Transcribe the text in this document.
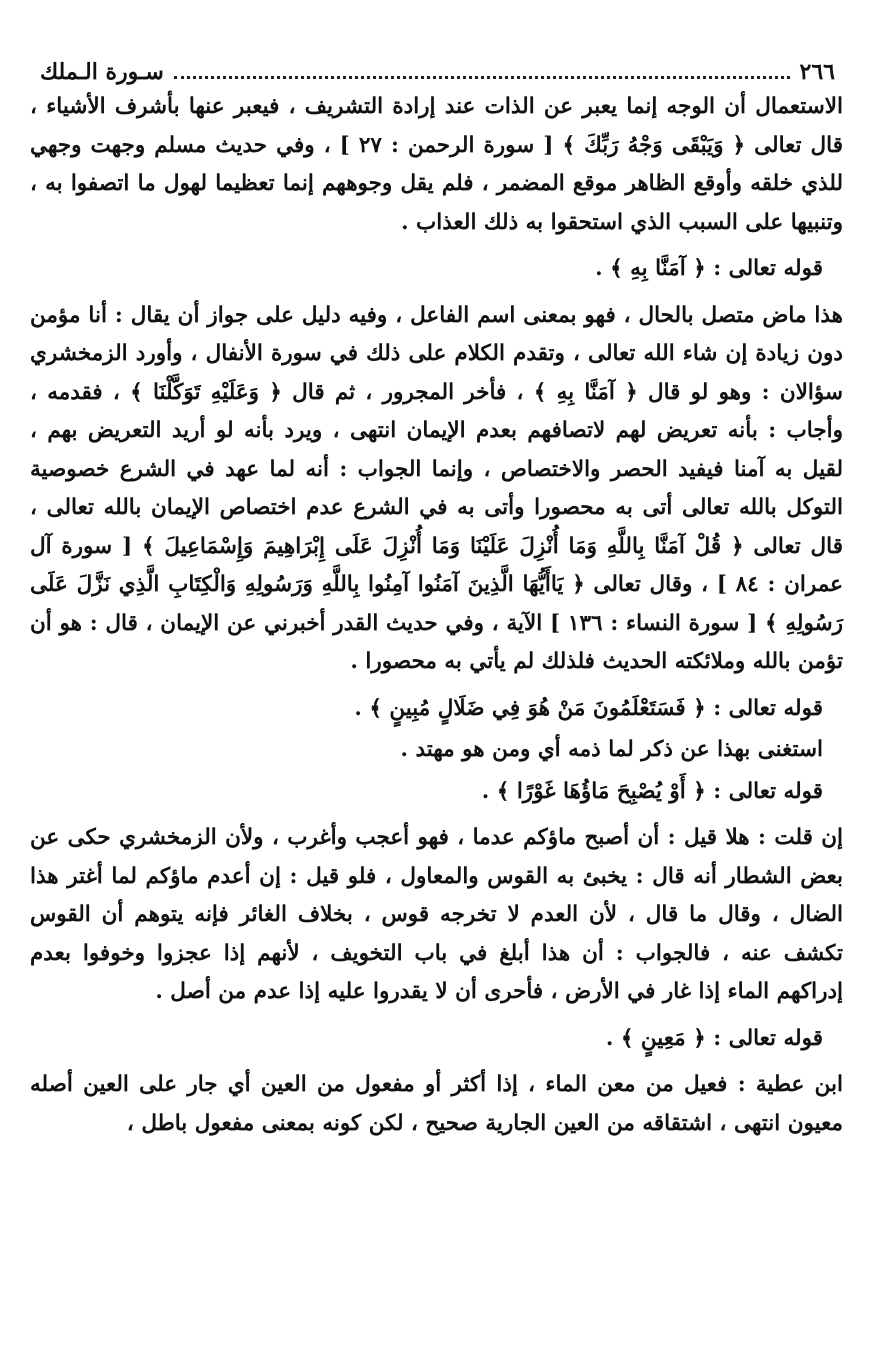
٢٦٦
سـورة الـملك

الاستعمال أن الوجه إنما يعبر عن الذات عند إرادة التشريف ، فيعبر عنها بأشرف الأشياء ، قال تعالى ﴿ وَيَبْقَى وَجْهُ رَبِّكَ ﴾ [ سورة الرحمن : ٢٧ ] ، وفي حديث مسلم وجهت وجهي للذي خلقه وأوقع الظاهر موقع المضمر ، فلم يقل وجوههم إنما تعظيما لهول ما اتصفوا به ، وتنبيها على السبب الذي استحقوا به ذلك العذاب .

قوله تعالى : ﴿ آمَنَّا بِهِ ﴾ .

هذا ماض متصل بالحال ، فهو بمعنى اسم الفاعل ، وفيه دليل على جواز أن يقال : أنا مؤمن دون زيادة إن شاء الله تعالى ، وتقدم الكلام على ذلك في سورة الأنفال ، وأورد الزمخشري سؤالان : وهو لو قال ﴿ آمَنَّا بِهِ ﴾ ، فأخر المجرور ، ثم قال ﴿ وَعَلَيْهِ تَوَكَّلْنَا ﴾ ، فقدمه ، وأجاب : بأنه تعريض لهم لاتصافهم بعدم الإيمان انتهى ، ويرد بأنه لو أريد التعريض بهم ، لقيل به آمنا فيفيد الحصر والاختصاص ، وإنما الجواب : أنه لما عهد في الشرع خصوصية التوكل بالله تعالى أتى به محصورا وأتى به في الشرع عدم اختصاص الإيمان بالله تعالى ، قال تعالى ﴿ قُلْ آمَنَّا بِاللَّهِ وَمَا أُنْزِلَ عَلَيْنَا وَمَا أُنْزِلَ عَلَى إِبْرَاهِيمَ وَإِسْمَاعِيلَ ﴾ [ سورة آل عمران : ٨٤ ] ، وقال تعالى ﴿ يَاأَيُّهَا الَّذِينَ آمَنُوا آمِنُوا بِاللَّهِ وَرَسُولِهِ وَالْكِتَابِ الَّذِي نَزَّلَ عَلَى رَسُولِهِ ﴾ [ سورة النساء : ١٣٦ ] الآية ، وفي حديث القدر أخبرني عن الإيمان ، قال : هو أن تؤمن بالله وملائكته الحديث فلذلك لم يأتي به محصورا .

قوله تعالى : ﴿ فَسَتَعْلَمُونَ مَنْ هُوَ فِي ضَلَالٍ مُبِينٍ ﴾ .

استغنى بهذا عن ذكر لما ذمه أي ومن هو مهتد .

قوله تعالى : ﴿ أَوْ يُصْبِحَ مَاؤُهَا غَوْرًا ﴾ .

إن قلت : هلا قيل : أن أصبح ماؤكم عدما ، فهو أعجب وأغرب ، ولأن الزمخشري حكى عن بعض الشطار أنه قال : يخبئ به القوس والمعاول ، فلو قيل : إن أعدم ماؤكم لما أغتر هذا الضال ، وقال ما قال ، لأن العدم لا تخرجه قوس ، بخلاف الغائر فإنه يتوهم أن القوس تكشف عنه ، فالجواب : أن هذا أبلغ في باب التخويف ، لأنهم إذا عجزوا وخوفوا بعدم إدراكهم الماء إذا غار في الأرض ، فأحرى أن لا يقدروا عليه إذا عدم من أصل .

قوله تعالى : ﴿ مَعِينٍ ﴾ .

ابن عطية : فعيل من معن الماء ، إذا أكثر أو مفعول من العين أي جار على العين أصله معيون انتهى ، اشتقاقه من العين الجارية صحيح ، لكن كونه بمعنى مفعول باطل ،
